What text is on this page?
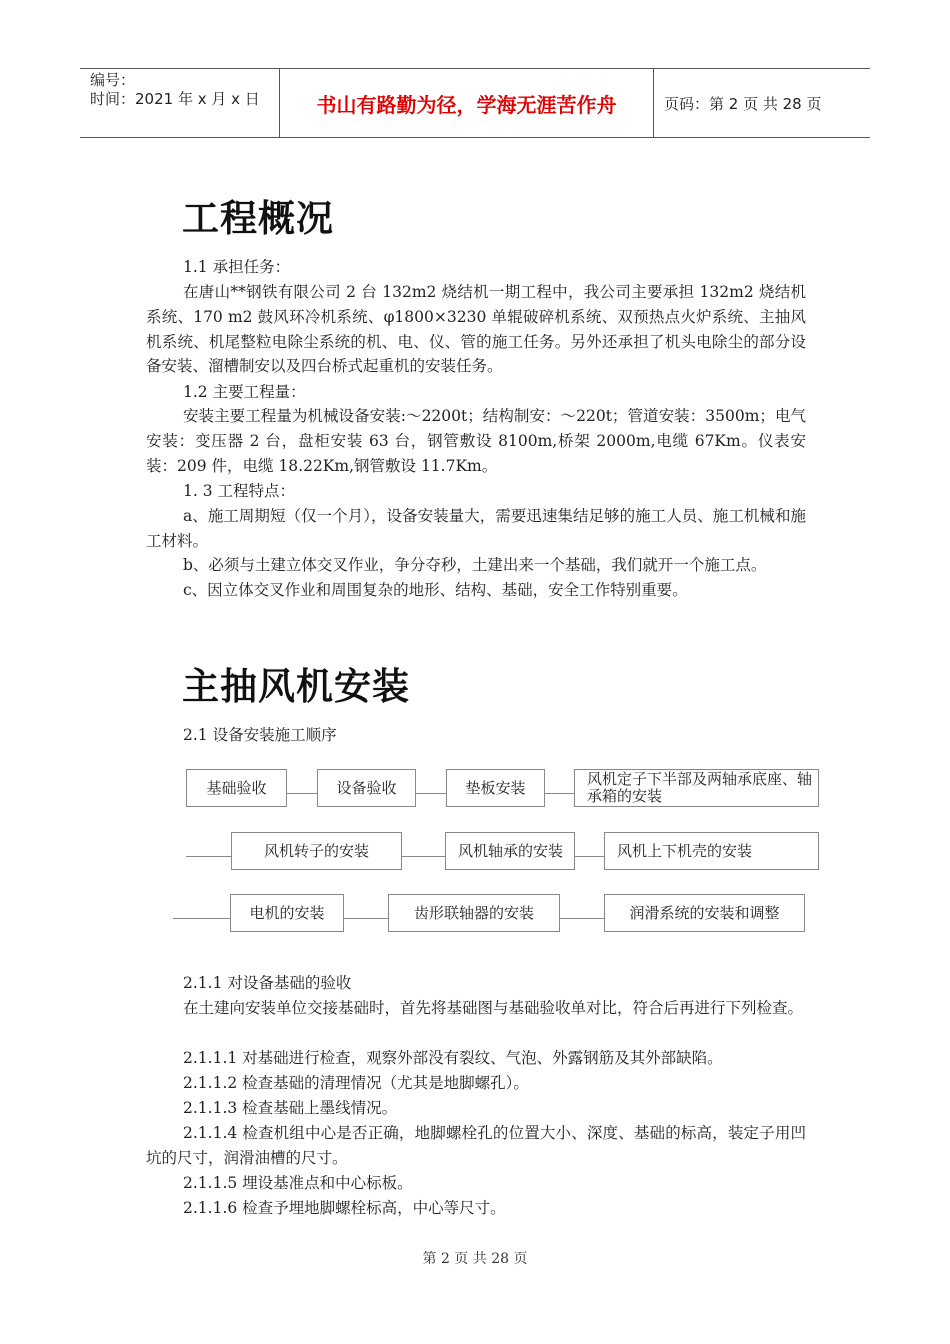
编号：
时间：2021 年 x 月 x 日	书山有路勤为径，学海无涯苦作舟	页码：第 2 页 共 28 页
工程概况

1.1 承担任务：

在唐山**钢铁有限公司 2 台 132m2 烧结机一期工程中，我公司主要承担 132m2 烧结机系统、170 m2 鼓风环冷机系统、φ1800×3230 单辊破碎机系统、双预热点火炉系统、主抽风机系统、机尾整粒电除尘系统的机、电、仪、管的施工任务。另外还承担了机头电除尘的部分设备安装、溜槽制安以及四台桥式起重机的安装任务。

1.2 主要工程量：

安装主要工程量为机械设备安装:～2200t；结构制安：～220t；管道安装：3500m；电气安装：变压器 2 台，盘柜安装 63 台，钢管敷设 8100m,桥架 2000m,电缆 67Km。仪表安装：209 件，电缆 18.22Km,钢管敷设 11.7Km。

1. 3 工程特点：

a、施工周期短（仅一个月），设备安装量大，需要迅速集结足够的施工人员、施工机械和施工材料。

b、必须与土建立体交叉作业，争分夺秒，土建出来一个基础，我们就开一个施工点。

c、因立体交叉作业和周围复杂的地形、结构、基础，安全工作特别重要。

主抽风机安装

2.1 设备安装施工顺序

基础验收	设备验收	垫板安装	风机定子下半部及两轴承底座、轴承箱的安装
风机转子的安装	风机轴承的安装	风机上下机壳的安装
电机的安装	齿形联轴器的安装	润滑系统的安装和调整

2.1.1 对设备基础的验收

在土建向安装单位交接基础时，首先将基础图与基础验收单对比，符合后再进行下列检查。

2.1.1.1 对基础进行检查，观察外部没有裂纹、气泡、外露钢筋及其外部缺陷。

2.1.1.2 检查基础的清理情况（尤其是地脚螺孔）。

2.1.1.3 检查基础上墨线情况。

2.1.1.4 检查机组中心是否正确，地脚螺栓孔的位置大小、深度、基础的标高，装定子用凹坑的尺寸，润滑油槽的尺寸。

2.1.1.5 埋设基准点和中心标板。

2.1.1.6 检查予埋地脚螺栓标高，中心等尺寸。

第 2 页 共 28 页
